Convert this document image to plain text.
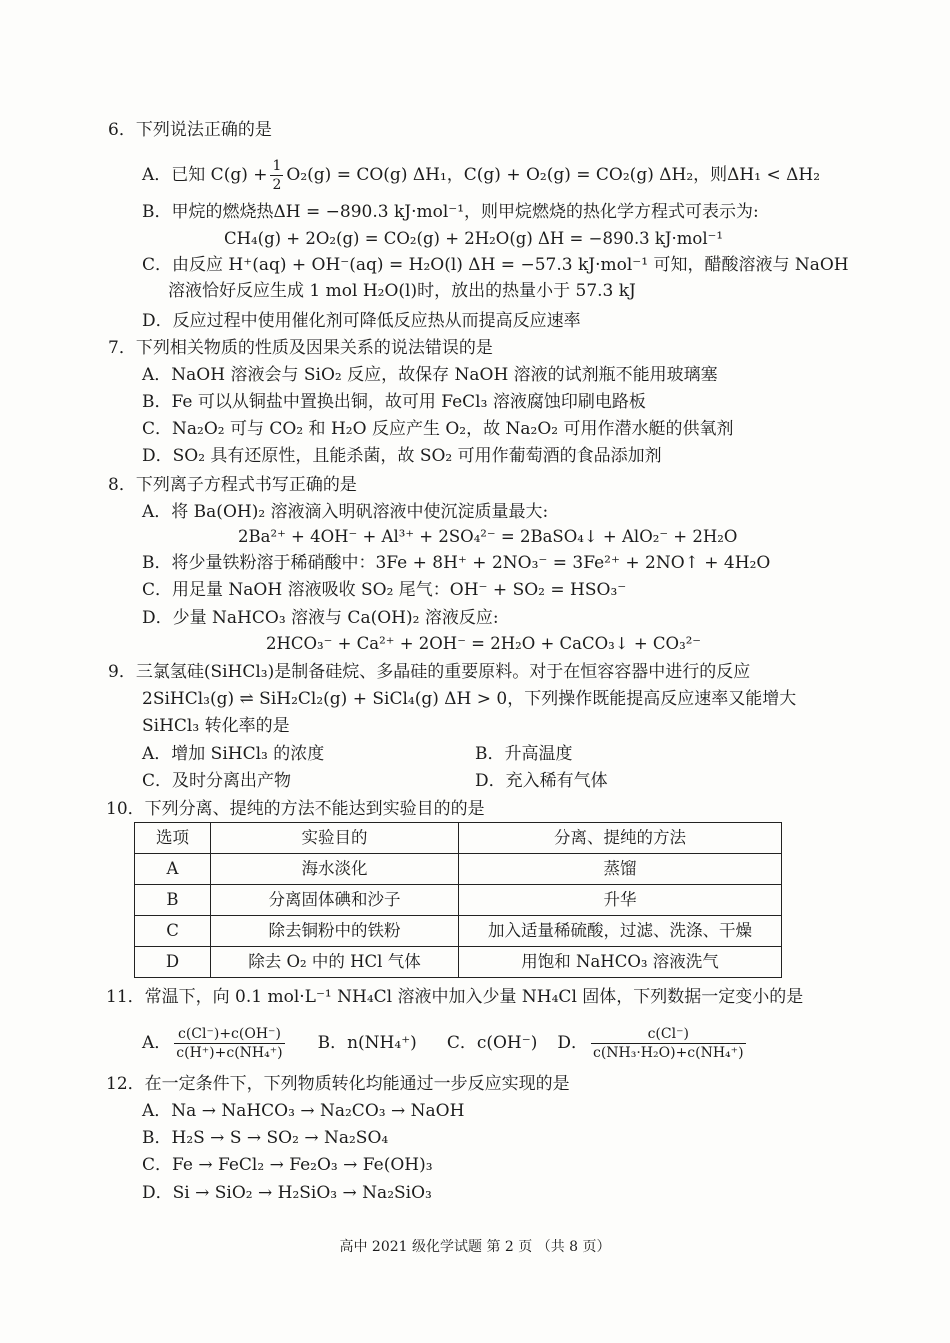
6．下列说法正确的是
A．已知 $C(g) + \frac{1}{2} O_2(g) = CO(g)$ ΔH₁，C(g) + O₂(g) = CO₂(g) ΔH₂，则ΔH₁ < ΔH₂
B．甲烷的燃烧热ΔH = −890.3 kJ·mol⁻¹，则甲烷燃烧的热化学方程式可表示为:
CH₄(g) + 2O₂(g) = CO₂(g) + 2H₂O(g) ΔH = −890.3 kJ·mol⁻¹
C．由反应 H⁺(aq) + OH⁻(aq) = H₂O(l) ΔH = −57.3 kJ·mol⁻¹ 可知，醋酸溶液与 NaOH
溶液恰好反应生成 1 mol H₂O(l)时，放出的热量小于 57.3 kJ
D．反应过程中使用催化剂可降低反应热从而提高反应速率
7．下列相关物质的性质及因果关系的说法错误的是
A．NaOH 溶液会与 SiO₂ 反应，故保存 NaOH 溶液的试剂瓶不能用玻璃塞
B．Fe 可以从铜盐中置换出铜，故可用 FeCl₃ 溶液腐蚀印刷电路板
C．Na₂O₂ 可与 CO₂ 和 H₂O 反应产生 O₂，故 Na₂O₂ 可用作潜水艇的供氧剂
D．SO₂ 具有还原性，且能杀菌，故 SO₂ 可用作葡萄酒的食品添加剂
8．下列离子方程式书写正确的是
A．将 Ba(OH)₂ 溶液滴入明矾溶液中使沉淀质量最大:
2Ba²⁺ + 4OH⁻ + Al³⁺ + 2SO₄²⁻ = 2BaSO₄↓ + AlO₂⁻ + 2H₂O
B．将少量铁粉溶于稀硝酸中：3Fe + 8H⁺ + 2NO₃⁻ = 3Fe²⁺ + 2NO↑ + 4H₂O
C．用足量 NaOH 溶液吸收 SO₂ 尾气：OH⁻ + SO₂ = HSO₃⁻
D．少量 NaHCO₃ 溶液与 Ca(OH)₂ 溶液反应:
2HCO₃⁻ + Ca²⁺ + 2OH⁻ = 2H₂O + CaCO₃↓ + CO₃²⁻
9．三氯氢硅(SiHCl₃)是制备硅烷、多晶硅的重要原料。对于在恒容容器中进行的反应
2SiHCl₃(g) ⇌ SiH₂Cl₂(g) + SiCl₄(g) ΔH > 0，下列操作既能提高反应速率又能增大
SiHCl₃ 转化率的是
A．增加 SiHCl₃ 的浓度	B．升高温度
C．及时分离出产物	D．充入稀有气体
10．下列分离、提纯的方法不能达到实验目的的是
选项	实验目的	分离、提纯的方法
A	海水淡化	蒸馏
B	分离固体碘和沙子	升华
C	除去铜粉中的铁粉	加入适量稀硫酸，过滤、洗涤、干燥
D	除去 O₂ 中的 HCl 气体	用饱和 NaHCO₃ 溶液洗气
11．常温下，向 0.1 mol·L⁻¹ NH₄Cl 溶液中加入少量 NH₄Cl 固体，下列数据一定变小的是
A． $\frac{c(Cl^-)+c(OH^-)}{\text{c(H⁺)+c(NH₄⁺)}}$ B．n(NH₄⁺) C．c(OH⁻) D． $\frac{c(Cl^-)}{\text{c(NH₃·H₂O)+c(NH₄⁺)}}$
12．在一定条件下，下列物质转化均能通过一步反应实现的是
A．Na → NaHCO₃ → Na₂CO₃ → NaOH
B．H₂S → S → SO₂ → Na₂SO₄
C．Fe → FeCl₂ → Fe₂O₃ → Fe(OH)₃
D．Si → SiO₂ → H₂SiO₃ → Na₂SiO₃
高中 2021 级化学试题 第 2 页 （共 8 页）
